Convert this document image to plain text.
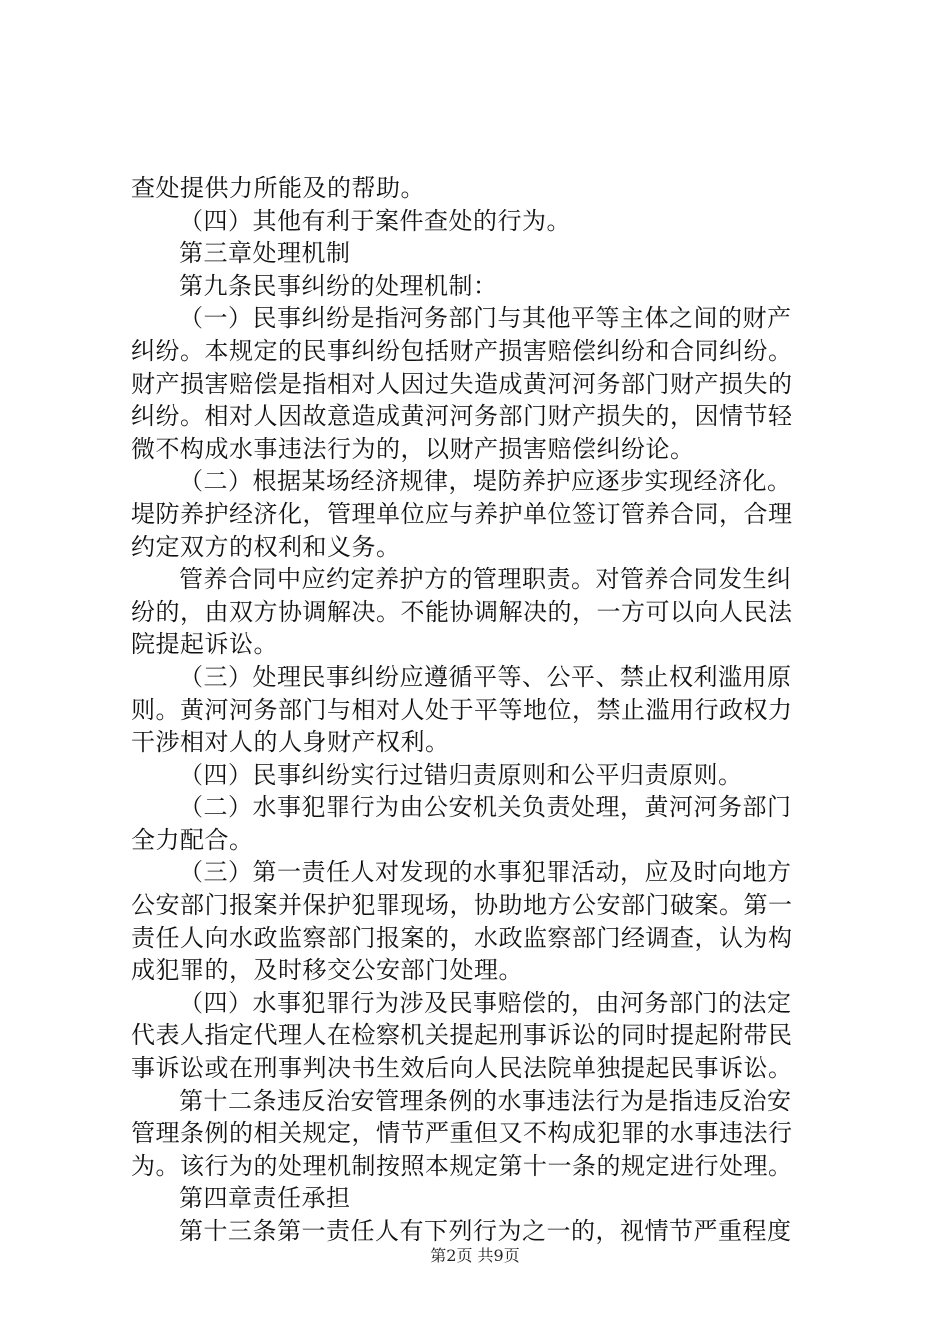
查处提供力所能及的帮助。
（四）其他有利于案件查处的行为。
第三章处理机制
第九条民事纠纷的处理机制：
（一）民事纠纷是指河务部门与其他平等主体之间的财产
纠纷。本规定的民事纠纷包括财产损害赔偿纠纷和合同纠纷。
财产损害赔偿是指相对人因过失造成黄河河务部门财产损失的
纠纷。相对人因故意造成黄河河务部门财产损失的，因情节轻
微不构成水事违法行为的，以财产损害赔偿纠纷论。
（二）根据某场经济规律，堤防养护应逐步实现经济化。
堤防养护经济化，管理单位应与养护单位签订管养合同，合理
约定双方的权利和义务。
管养合同中应约定养护方的管理职责。对管养合同发生纠
纷的，由双方协调解决。不能协调解决的，一方可以向人民法
院提起诉讼。
（三）处理民事纠纷应遵循平等、公平、禁止权利滥用原
则。黄河河务部门与相对人处于平等地位，禁止滥用行政权力
干涉相对人的人身财产权利。
（四）民事纠纷实行过错归责原则和公平归责原则。
（二）水事犯罪行为由公安机关负责处理，黄河河务部门
全力配合。
（三）第一责任人对发现的水事犯罪活动，应及时向地方
公安部门报案并保护犯罪现场，协助地方公安部门破案。第一
责任人向水政监察部门报案的，水政监察部门经调查，认为构
成犯罪的，及时移交公安部门处理。
（四）水事犯罪行为涉及民事赔偿的，由河务部门的法定
代表人指定代理人在检察机关提起刑事诉讼的同时提起附带民
事诉讼或在刑事判决书生效后向人民法院单独提起民事诉讼。
第十二条违反治安管理条例的水事违法行为是指违反治安
管理条例的相关规定，情节严重但又不构成犯罪的水事违法行
为。该行为的处理机制按照本规定第十一条的规定进行处理。
第四章责任承担
第十三条第一责任人有下列行为之一的，视情节严重程度
第2页 共9页
